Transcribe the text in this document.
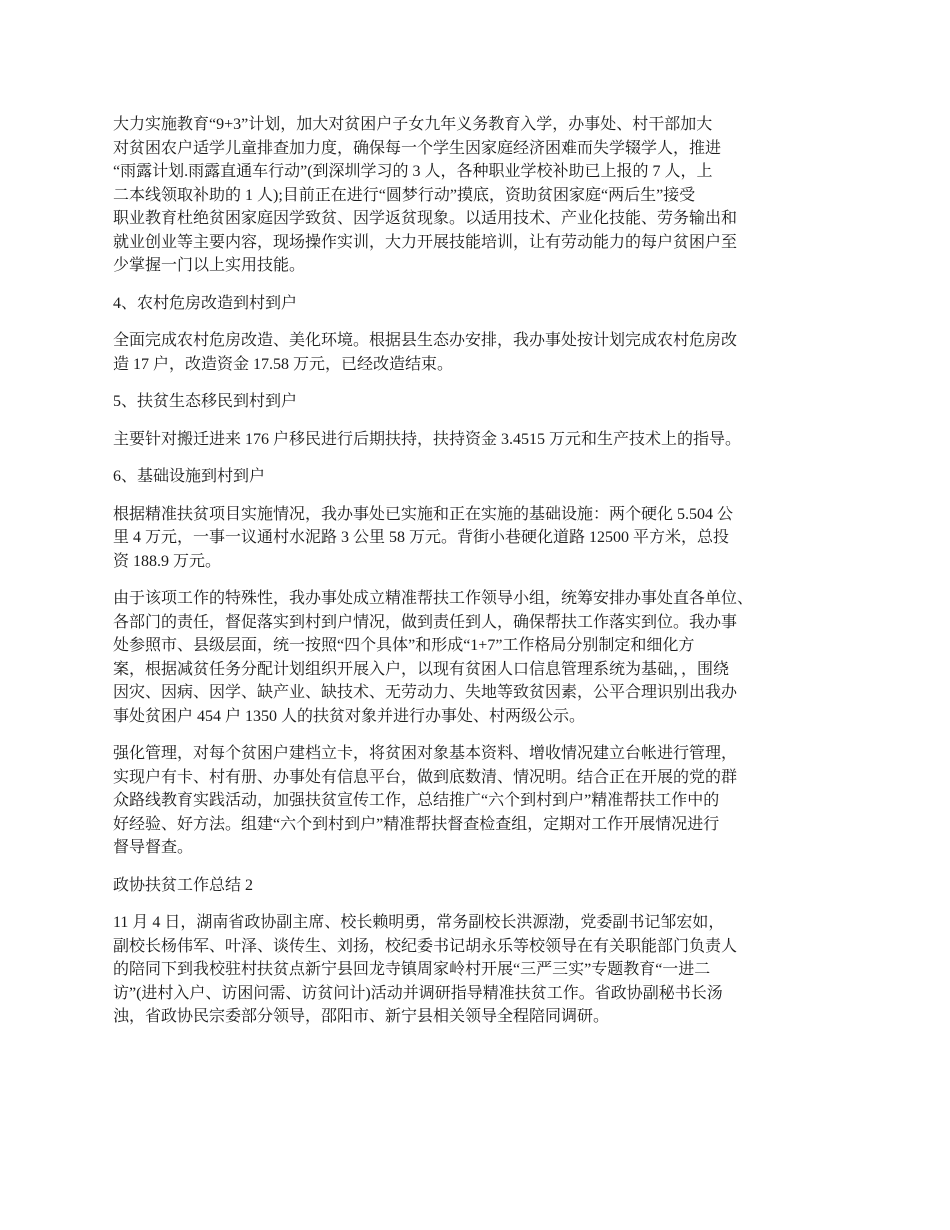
大力实施教育“9+3”计划，加大对贫困户子女九年义务教育入学，办事处、村干部加大
对贫困农户适学儿童排查加力度，确保每一个学生因家庭经济困难而失学辍学人，推进
“雨露计划.雨露直通车行动”(到深圳学习的 3 人，各种职业学校补助已上报的 7 人，上
二本线领取补助的 1 人);目前正在进行“圆梦行动”摸底，资助贫困家庭“两后生”接受
职业教育杜绝贫困家庭因学致贫、因学返贫现象。以适用技术、产业化技能、劳务输出和
就业创业等主要内容，现场操作实训，大力开展技能培训，让有劳动能力的每户贫困户至
少掌握一门以上实用技能。

4、农村危房改造到村到户

全面完成农村危房改造、美化环境。根据县生态办安排，我办事处按计划完成农村危房改
造 17 户，改造资金 17.58 万元，已经改造结束。

5、扶贫生态移民到村到户

主要针对搬迁进来 176 户移民进行后期扶持，扶持资金 3.4515 万元和生产技术上的指导。

6、基础设施到村到户

根据精准扶贫项目实施情况，我办事处已实施和正在实施的基础设施：两个硬化 5.504 公
里 4 万元，一事一议通村水泥路 3 公里 58 万元。背街小巷硬化道路 12500 平方米，总投
资 188.9 万元。

由于该项工作的特殊性，我办事处成立精准帮扶工作领导小组，统筹安排办事处直各单位、
各部门的责任，督促落实到村到户情况，做到责任到人，确保帮扶工作落实到位。我办事
处参照市、县级层面，统一按照“四个具体”和形成“1+7”工作格局分别制定和细化方
案，根据减贫任务分配计划组织开展入户，以现有贫困人口信息管理系统为基础，，围绕
因灾、因病、因学、缺产业、缺技术、无劳动力、失地等致贫因素，公平合理识别出我办
事处贫困户 454 户 1350 人的扶贫对象并进行办事处、村两级公示。

强化管理，对每个贫困户建档立卡，将贫困对象基本资料、增收情况建立台帐进行管理，
实现户有卡、村有册、办事处有信息平台，做到底数清、情况明。结合正在开展的党的群
众路线教育实践活动，加强扶贫宣传工作，总结推广“六个到村到户”精准帮扶工作中的
好经验、好方法。组建“六个到村到户”精准帮扶督查检查组，定期对工作开展情况进行
督导督查。

政协扶贫工作总结 2

11 月 4 日，湖南省政协副主席、校长赖明勇，常务副校长洪源渤，党委副书记邹宏如，
副校长杨伟军、叶泽、谈传生、刘扬，校纪委书记胡永乐等校领导在有关职能部门负责人
的陪同下到我校驻村扶贫点新宁县回龙寺镇周家岭村开展“三严三实”专题教育“一进二
访”(进村入户、访困问需、访贫问计)活动并调研指导精准扶贫工作。省政协副秘书长汤
浊，省政协民宗委部分领导，邵阳市、新宁县相关领导全程陪同调研。
